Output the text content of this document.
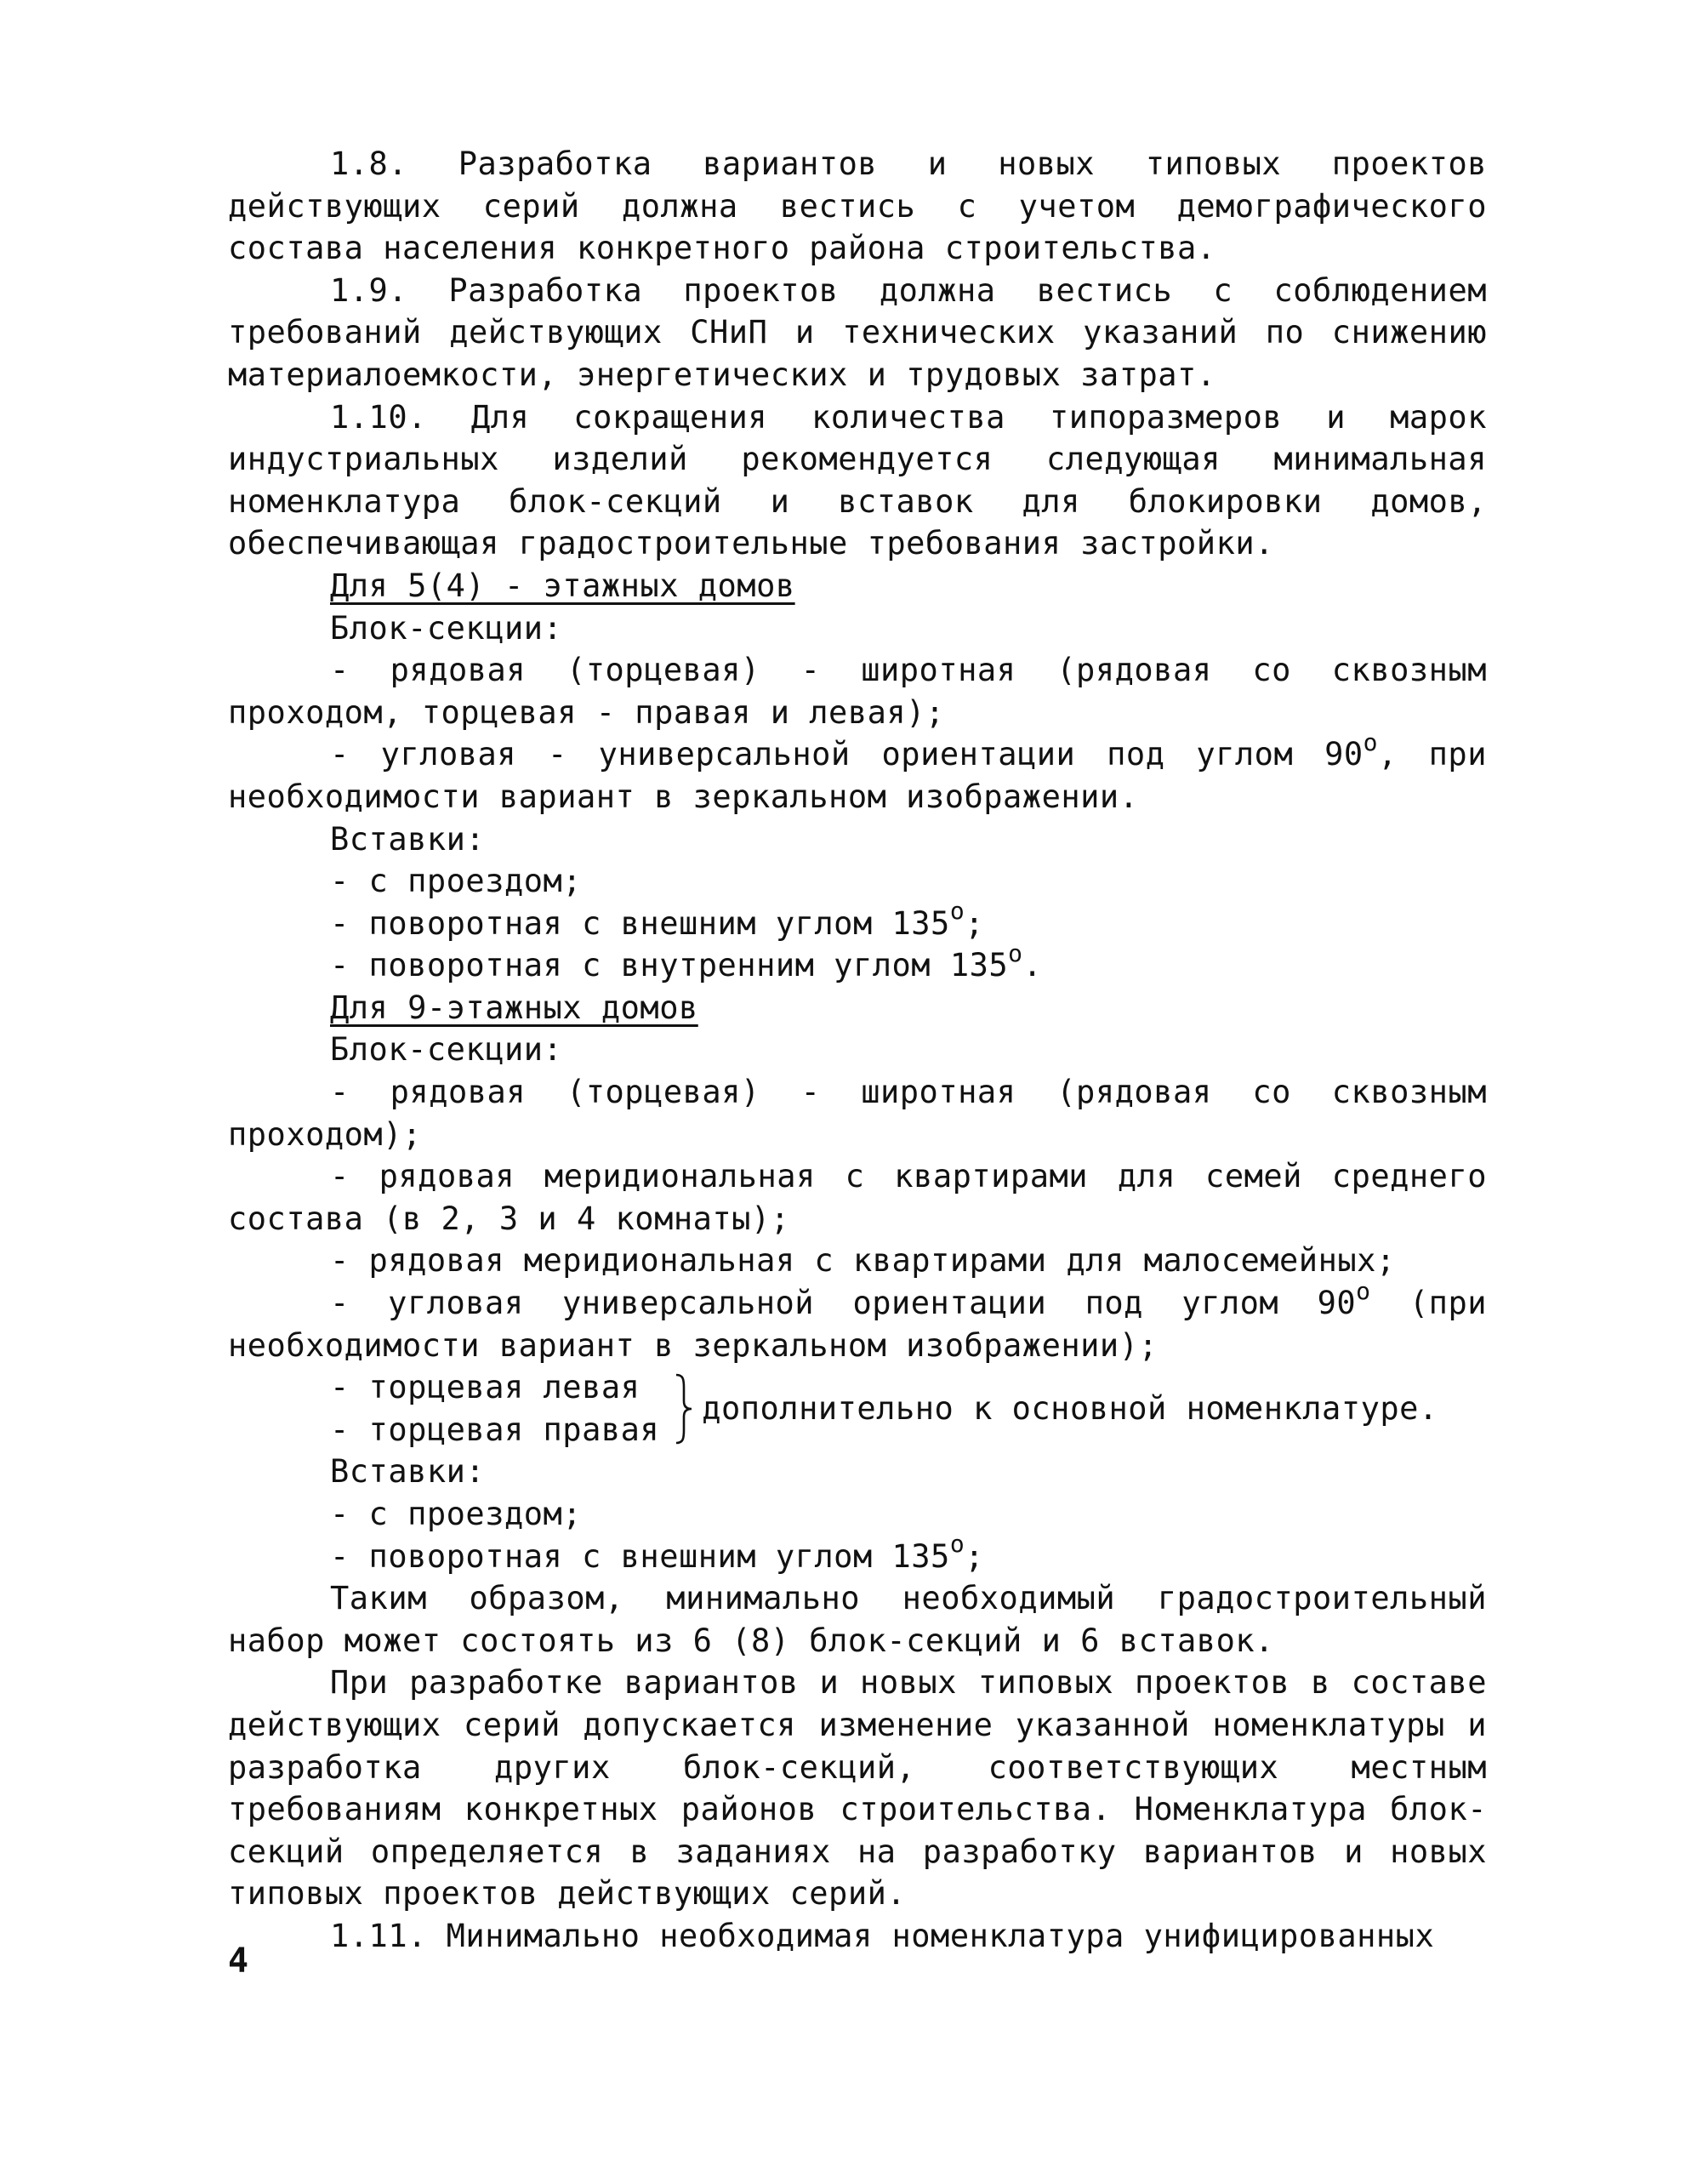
1.8. Разработка вариантов и новых типовых проектов действующих серий должна вестись с учетом демографического состава населения конкретного района строительства.

1.9. Разработка проектов должна вестись с соблюдением требований действующих СНиП и технических указаний по снижению материалоемкости, энергетических и трудовых затрат.

1.10. Для сокращения количества типоразмеров и марок индустриальных изделий рекомендуется следующая минимальная номенклатура блок-секций и вставок для блокировки домов, обеспечивающая градостроительные требования застройки.

Для 5(4) - этажных домов

Блок-секции:

- рядовая (торцевая) - широтная (рядовая со сквозным проходом, торцевая - правая и левая);

- угловая - универсальной ориентации под углом $90^о$, при необходимости вариант в зеркальном изображении.

Вставки:

- с проездом;

- поворотная с внешним углом $135^о$;

- поворотная с внутренним углом $135^о$.

Для 9-этажных домов

Блок-секции:

- рядовая (торцевая) - широтная (рядовая со сквозным проходом);

- рядовая меридиональная с квартирами для семей среднего состава (в 2, 3 и 4 комнаты);

- рядовая меридиональная с квартирами для малосемейных;

- угловая универсальной ориентации под углом $90^о$ (при необходимости вариант в зеркальном изображении);

- торцевая левая
- торцевая правая
дополнительно к основной номенклатуре.

Вставки:

- с проездом;

- поворотная с внешним углом $135^о$;

Таким образом, минимально необходимый градостроительный набор может состоять из 6 (8) блок-секций и 6 вставок.

При разработке вариантов и новых типовых проектов в составе действующих серий допускается изменение указанной номенклатуры и разработка других блок-секций, соответствующих местным требованиям конкретных районов строительства. Номенклатура блок-секций определяется в заданиях на разработку вариантов и новых типовых проектов действующих серий.

1.11. Минимально необходимая номенклатура унифицированных

4
